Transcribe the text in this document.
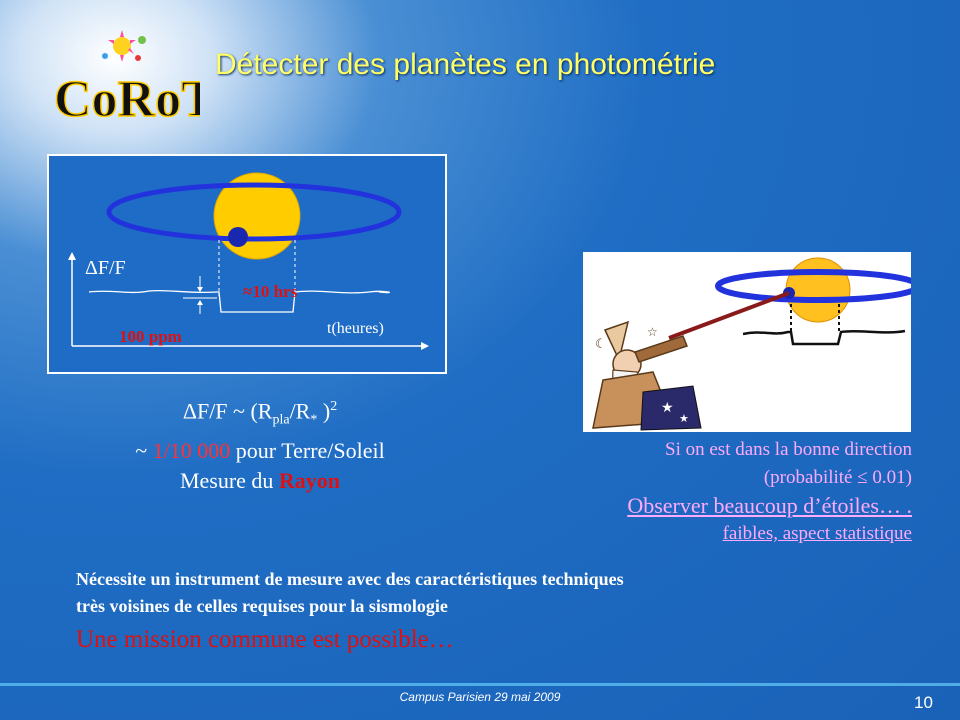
CoRoT
Détecter des planètes en photométrie
ΔF/F
≈10 hrs
100 ppm	t(heures)
ΔF/F ~ ($R_{pla}/R_*$ )$^2$
~ 1/10 000 pour Terre/Soleil
Mesure du Rayon
★
★
☾
☆
Si on est dans la bonne direction
(probabilité ≤ 0.01)
Observer beaucoup d’étoiles… .
faibles, aspect statistique
Nécessite un instrument de mesure avec des caractéristiques techniques
très voisines de celles requises pour la sismologie
Une mission commune est possible…
Campus Parisien 29 mai 2009	10
